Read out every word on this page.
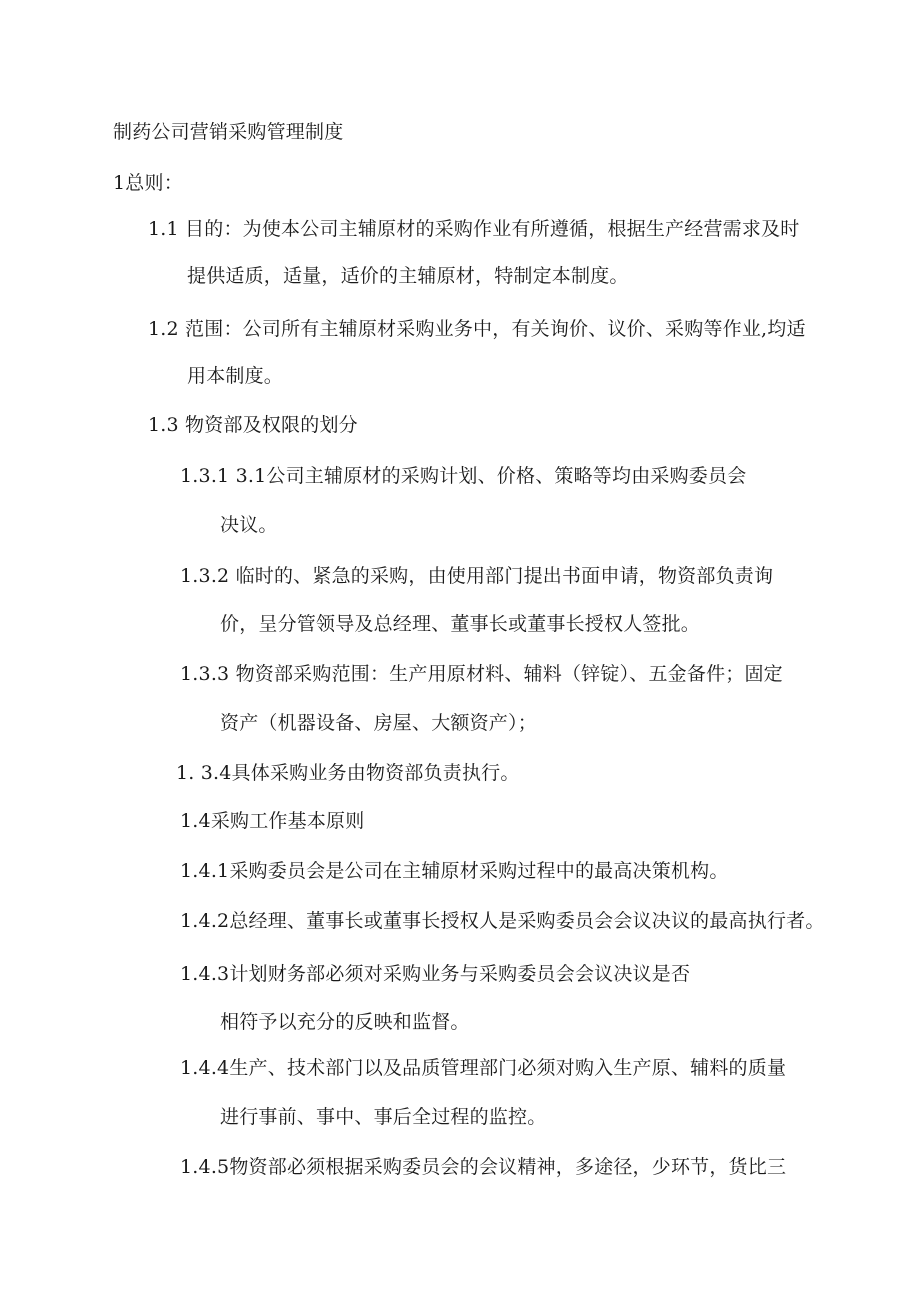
制药公司营销采购管理制度
1总则：
1.1 目的：为使本公司主辅原材的采购作业有所遵循，根据生产经营需求及时
提供适质，适量，适价的主辅原材，特制定本制度。
1.2 范围：公司所有主辅原材采购业务中，有关询价、议价、采购等作业,均适
用本制度。
1.3 物资部及权限的划分
1.3.1 3.1公司主辅原材的采购计划、价格、策略等均由采购委员会
决议。
1.3.2 临时的、紧急的采购，由使用部门提出书面申请，物资部负责询
价，呈分管领导及总经理、董事长或董事长授权人签批。
1.3.3 物资部采购范围：生产用原材料、辅料（锌锭）、五金备件；固定
资产（机器设备、房屋、大额资产）；
1. 3.4具体采购业务由物资部负责执行。
1.4采购工作基本原则
1.4.1采购委员会是公司在主辅原材采购过程中的最高决策机构。
1.4.2总经理、董事长或董事长授权人是采购委员会会议决议的最高执行者。
1.4.3计划财务部必须对采购业务与采购委员会会议决议是否
相符予以充分的反映和监督。
1.4.4生产、技术部门以及品质管理部门必须对购入生产原、辅料的质量
进行事前、事中、事后全过程的监控。
1.4.5物资部必须根据采购委员会的会议精神，多途径，少环节，货比三
